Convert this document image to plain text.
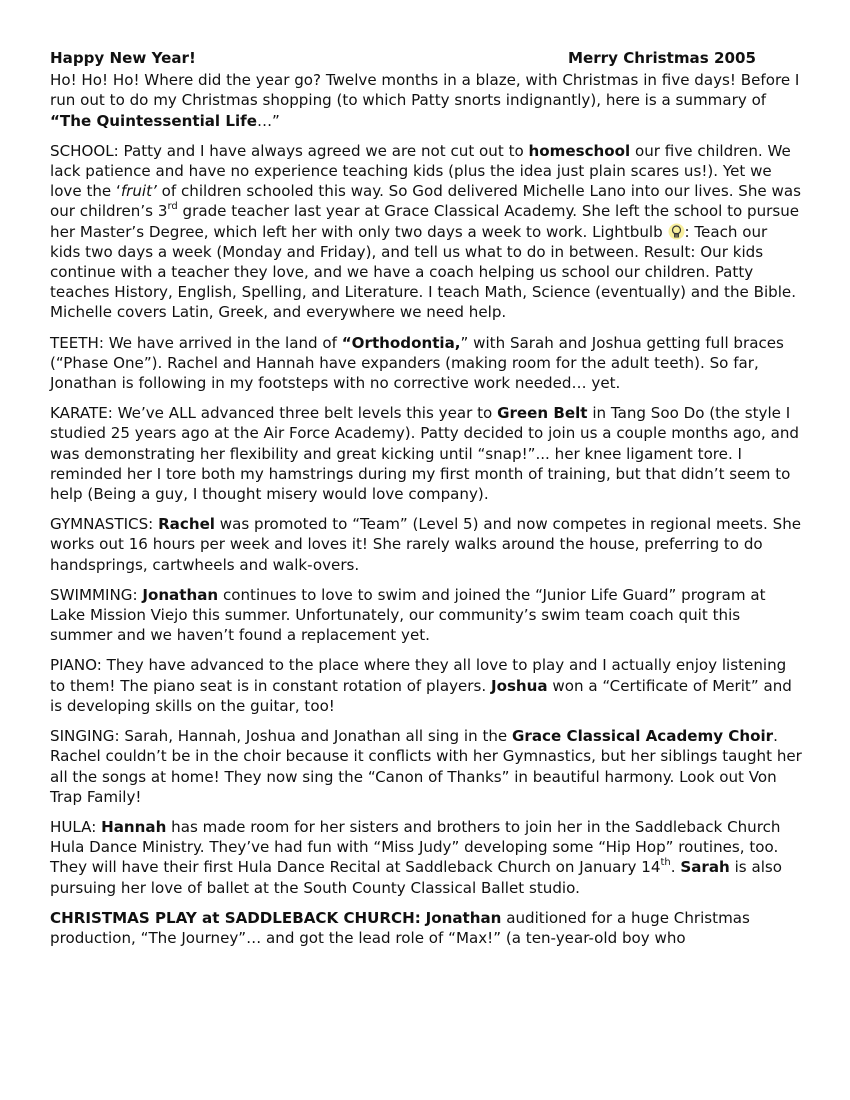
Happy New Year!	Merry Christmas 2005

Ho! Ho! Ho! Where did the year go? Twelve months in a blaze, with Christmas in five days! Before I run out to do my Christmas shopping (to which Patty snorts indignantly), here is a summary of “The Quintessential Life…”

SCHOOL: Patty and I have always agreed we are not cut out to homeschool our five children. We lack patience and have no experience teaching kids (plus the idea just plain scares us!). Yet we love the ‘fruit’ of children schooled this way. So God delivered Michelle Lano into our lives. She was our children’s 3rd grade teacher last year at Grace Classical Academy. She left the school to pursue her Master’s Degree, which left her with only two days a week to work. Lightbulb : Teach our kids two days a week (Monday and Friday), and tell us what to do in between. Result: Our kids continue with a teacher they love, and we have a coach helping us school our children. Patty teaches History, English, Spelling, and Literature. I teach Math, Science (eventually) and the Bible. Michelle covers Latin, Greek, and everywhere we need help.

TEETH: We have arrived in the land of “Orthodontia,” with Sarah and Joshua getting full braces (“Phase One”). Rachel and Hannah have expanders (making room for the adult teeth). So far, Jonathan is following in my footsteps with no corrective work needed… yet.

KARATE: We’ve ALL advanced three belt levels this year to Green Belt in Tang Soo Do (the style I studied 25 years ago at the Air Force Academy). Patty decided to join us a couple months ago, and was demonstrating her flexibility and great kicking until “snap!”... her knee ligament tore. I reminded her I tore both my hamstrings during my first month of training, but that didn’t seem to help (Being a guy, I thought misery would love company).

GYMNASTICS: Rachel was promoted to “Team” (Level 5) and now competes in regional meets. She works out 16 hours per week and loves it! She rarely walks around the house, preferring to do handsprings, cartwheels and walk-overs.

SWIMMING: Jonathan continues to love to swim and joined the “Junior Life Guard” program at Lake Mission Viejo this summer. Unfortunately, our community’s swim team coach quit this summer and we haven’t found a replacement yet.

PIANO: They have advanced to the place where they all love to play and I actually enjoy listening to them! The piano seat is in constant rotation of players. Joshua won a “Certificate of Merit” and is developing skills on the guitar, too!

SINGING: Sarah, Hannah, Joshua and Jonathan all sing in the Grace Classical Academy Choir. Rachel couldn’t be in the choir because it conflicts with her Gymnastics, but her siblings taught her all the songs at home! They now sing the “Canon of Thanks” in beautiful harmony. Look out Von Trap Family!

HULA: Hannah has made room for her sisters and brothers to join her in the Saddleback Church Hula Dance Ministry. They’ve had fun with “Miss Judy” developing some “Hip Hop” routines, too. They will have their first Hula Dance Recital at Saddleback Church on January 14th. Sarah is also pursuing her love of ballet at the South County Classical Ballet studio.

CHRISTMAS PLAY at SADDLEBACK CHURCH: Jonathan auditioned for a huge Christmas production, “The Journey”… and got the lead role of “Max!” (a ten-year-old boy who
